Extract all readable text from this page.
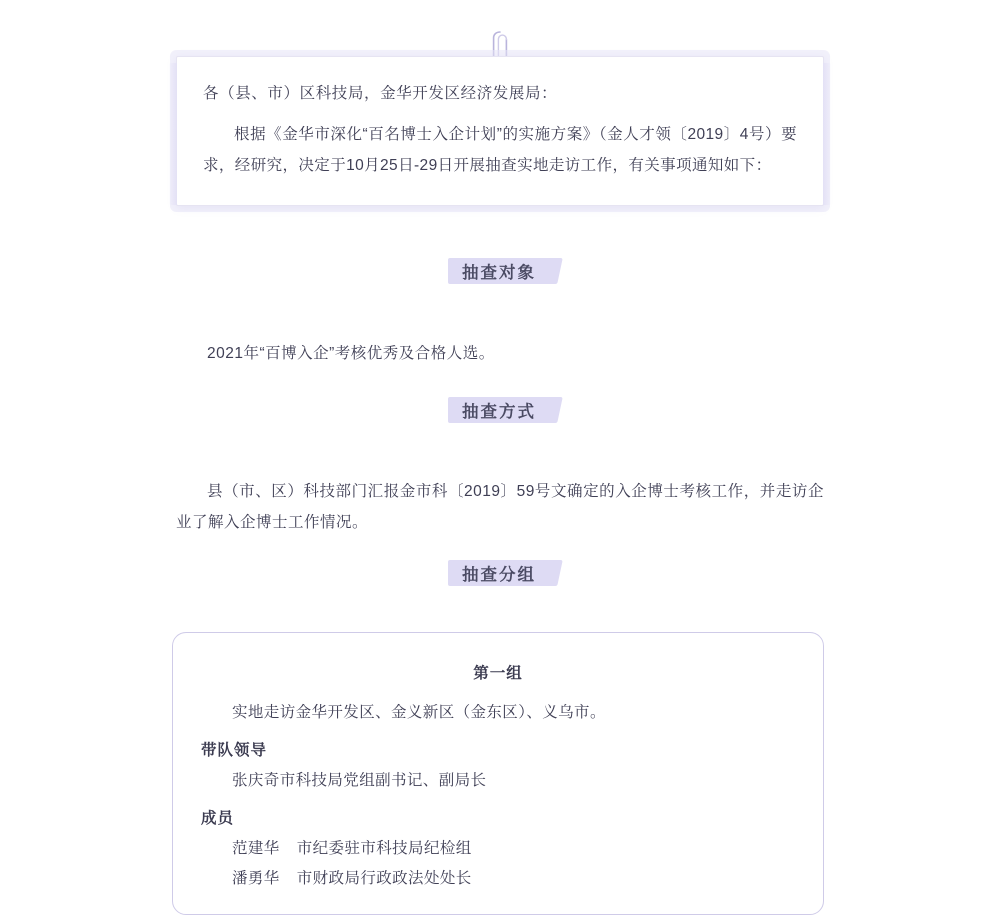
各（县、市）区科技局，金华开发区经济发展局：

根据《金华市深化“百名博士入企计划”的实施方案》（金人才领〔2019〕4号）要求，经研究，决定于10月25日-29日开展抽查实地走访工作，有关事项通知如下：

抽查对象

2021年“百博入企”考核优秀及合格人选。

抽查方式

县（市、区）科技部门汇报金市科〔2019〕59号文确定的入企博士考核工作，并走访企业了解入企博士工作情况。

抽查分组
第一组

实地走访金华开发区、金义新区（金东区）、义乌市。

带队领导

张庆奇市科技局党组副书记、副局长

成员

范建华 市纪委驻市科技局纪检组

潘勇华 市财政局行政政法处处长
